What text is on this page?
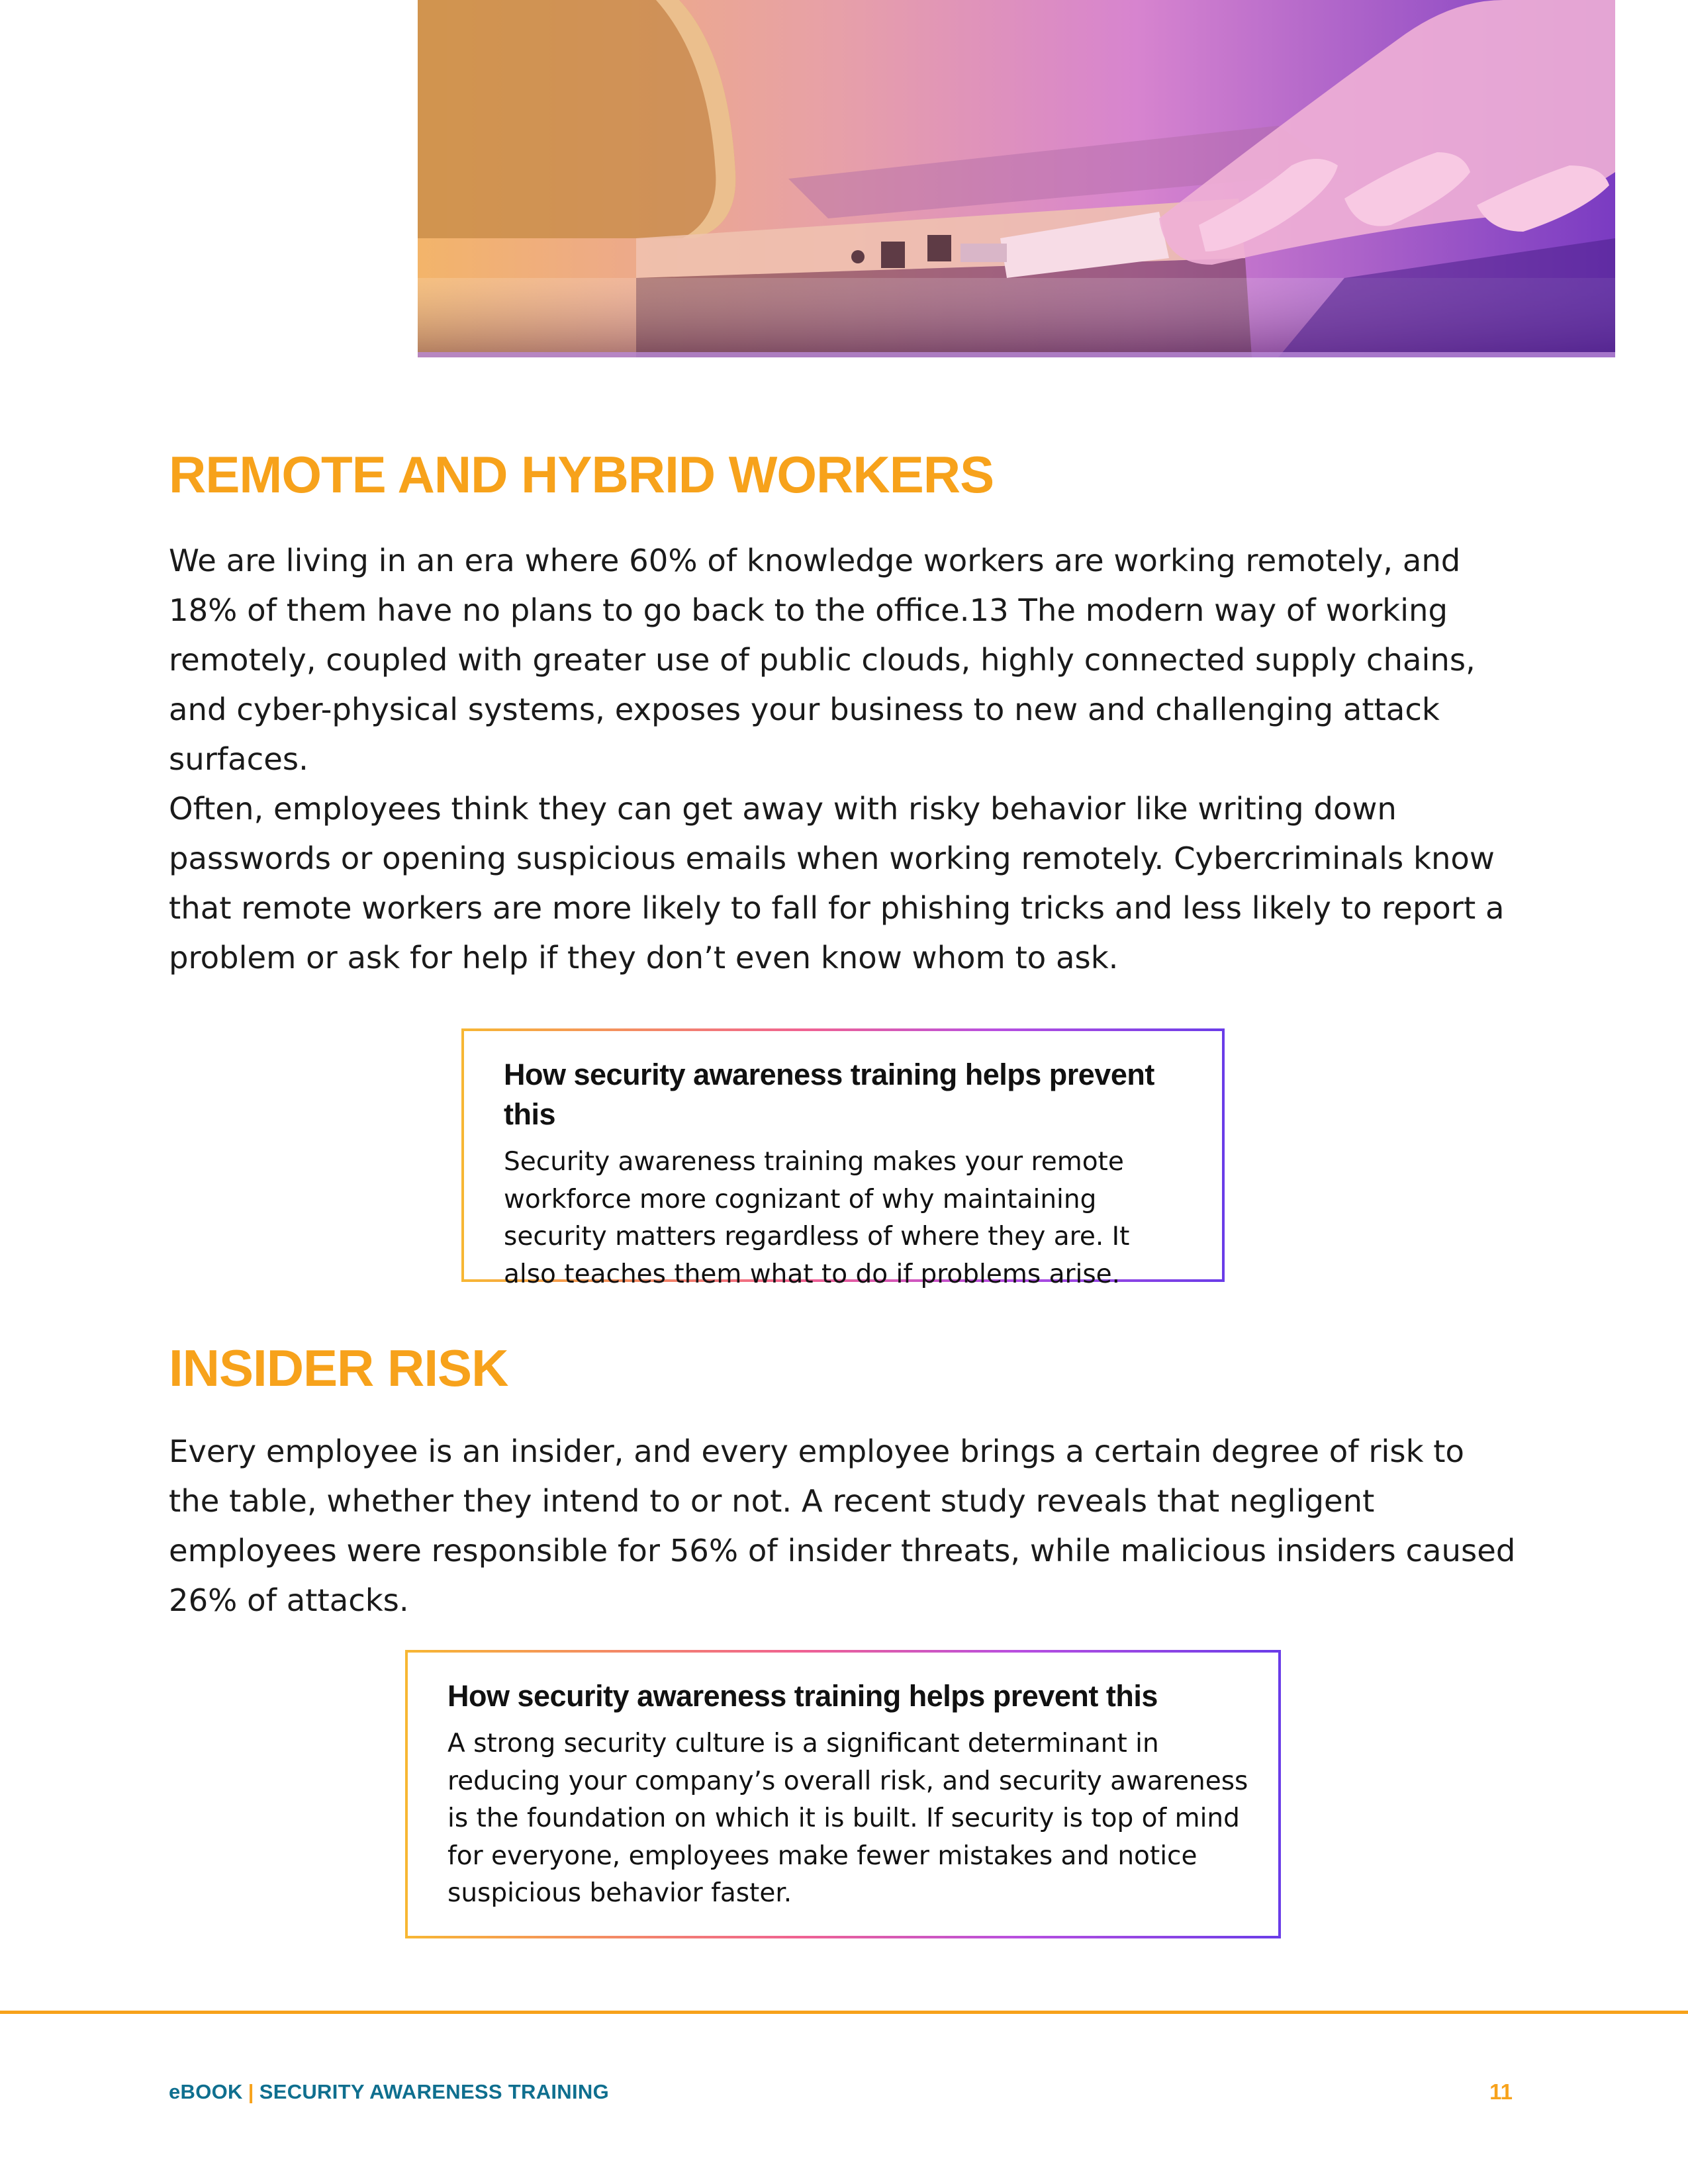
REMOTE AND HYBRID WORKERS

We are living in an era where 60% of knowledge workers are working remotely, and 18% of them have no plans to go back to the office.13 The modern way of working remotely, coupled with greater use of public clouds, highly connected supply chains, and cyber-physical systems, exposes your business to new and challenging attack surfaces.

Often, employees think they can get away with risky behavior like writing down passwords or opening suspicious emails when working remotely. Cybercriminals know that remote workers are more likely to fall for phishing tricks and less likely to report a problem or ask for help if they don’t even know whom to ask.

How security awareness training helps prevent this

Security awareness training makes your remote workforce more cognizant of why maintaining security matters regardless of where they are. It also teaches them what to do if problems arise.

INSIDER RISK

Every employee is an insider, and every employee brings a certain degree of risk to the table, whether they intend to or not. A recent study reveals that negligent employees were responsible for 56% of insider threats, while malicious insiders caused 26% of attacks.

How security awareness training helps prevent this

A strong security culture is a significant determinant in reducing your company’s overall risk, and security awareness is the foundation on which it is built. If security is top of mind for everyone, employees make fewer mistakes and notice suspicious behavior faster.

eBOOK | SECURITY AWARENESS TRAINING	11
